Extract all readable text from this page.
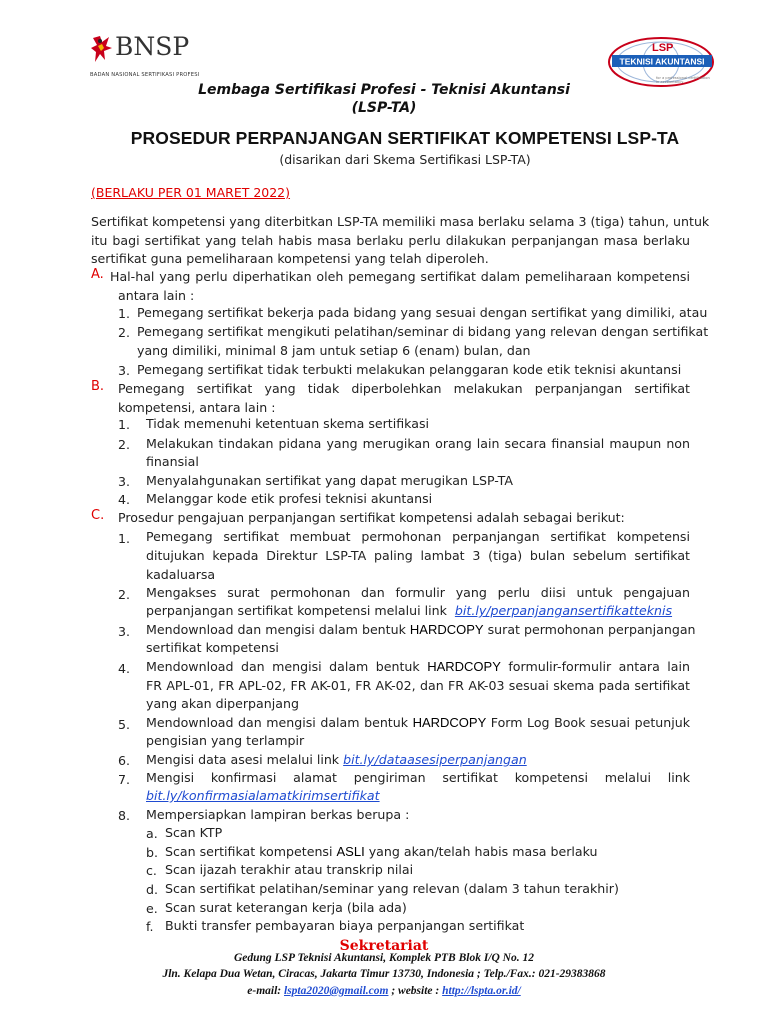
BNSP
BADAN NASIONAL SERTIFIKASI PROFESI
LSP
TEKNISI AKUNTANSI
for a professional certification in accountancy
Lembaga Sertifikasi Profesi - Teknisi Akuntansi
(LSP-TA)
PROSEDUR PERPANJANGAN SERTIFIKAT KOMPETENSI LSP-TA
(disarikan dari Skema Sertifikasi LSP-TA)
(BERLAKU PER 01 MARET 2022)
Sertifikat kompetensi yang diterbitkan LSP-TA memiliki masa berlaku selama 3 (tiga) tahun, untuk
itu bagi sertifikat yang telah habis masa berlaku perlu dilakukan perpanjangan masa berlaku
sertifikat guna pemeliharaan kompetensi yang telah diperoleh.
A. Hal-hal yang perlu diperhatikan oleh pemegang sertifikat dalam pemeliharaan kompetensi
antara lain :
1. Pemegang sertifikat bekerja pada bidang yang sesuai dengan sertifikat yang dimiliki, atau
2. Pemegang sertifikat mengikuti pelatihan/seminar di bidang yang relevan dengan sertifikat
yang dimiliki, minimal 8 jam untuk setiap 6 (enam) bulan, dan
3. Pemegang sertifikat tidak terbukti melakukan pelanggaran kode etik teknisi akuntansi
B. Pemegang sertifikat yang tidak diperbolehkan melakukan perpanjangan sertifikat
kompetensi, antara lain :
1. Tidak memenuhi ketentuan skema sertifikasi
2. Melakukan tindakan pidana yang merugikan orang lain secara finansial maupun non
finansial
3. Menyalahgunakan sertifikat yang dapat merugikan LSP-TA
4. Melanggar kode etik profesi teknisi akuntansi
C. Prosedur pengajuan perpanjangan sertifikat kompetensi adalah sebagai berikut:
1. Pemegang sertifikat membuat permohonan perpanjangan sertifikat kompetensi
ditujukan kepada Direktur LSP-TA paling lambat 3 (tiga) bulan sebelum sertifikat
kadaluarsa
2. Mengakses surat permohonan dan formulir yang perlu diisi untuk pengajuan
perpanjangan sertifikat kompetensi melalui link bit.ly/perpanjangansertifikatteknis
3. Mendownload dan mengisi dalam bentuk HARDCOPY surat permohonan perpanjangan
sertifikat kompetensi
4. Mendownload dan mengisi dalam bentuk HARDCOPY formulir-formulir antara lain
FR APL-01, FR APL-02, FR AK-01, FR AK-02, dan FR AK-03 sesuai skema pada sertifikat
yang akan diperpanjang
5. Mendownload dan mengisi dalam bentuk HARDCOPY Form Log Book sesuai petunjuk
pengisian yang terlampir
6. Mengisi data asesi melalui link bit.ly/dataasesiperpanjangan
7. Mengisi konfirmasi alamat pengiriman sertifikat kompetensi melalui link
bit.ly/konfirmasialamatkirimsertifikat
8. Mempersiapkan lampiran berkas berupa :
a. Scan KTP
b. Scan sertifikat kompetensi ASLI yang akan/telah habis masa berlaku
c. Scan ijazah terakhir atau transkrip nilai
d. Scan sertifikat pelatihan/seminar yang relevan (dalam 3 tahun terakhir)
e. Scan surat keterangan kerja (bila ada)
f. Bukti transfer pembayaran biaya perpanjangan sertifikat
Sekretariat
Gedung LSP Teknisi Akuntansi, Komplek PTB Blok I/Q No. 12
Jln. Kelapa Dua Wetan, Ciracas, Jakarta Timur 13730, Indonesia ; Telp./Fax.: 021-29383868
e-mail: lspta2020@gmail.com ; website : http://lspta.or.id/
